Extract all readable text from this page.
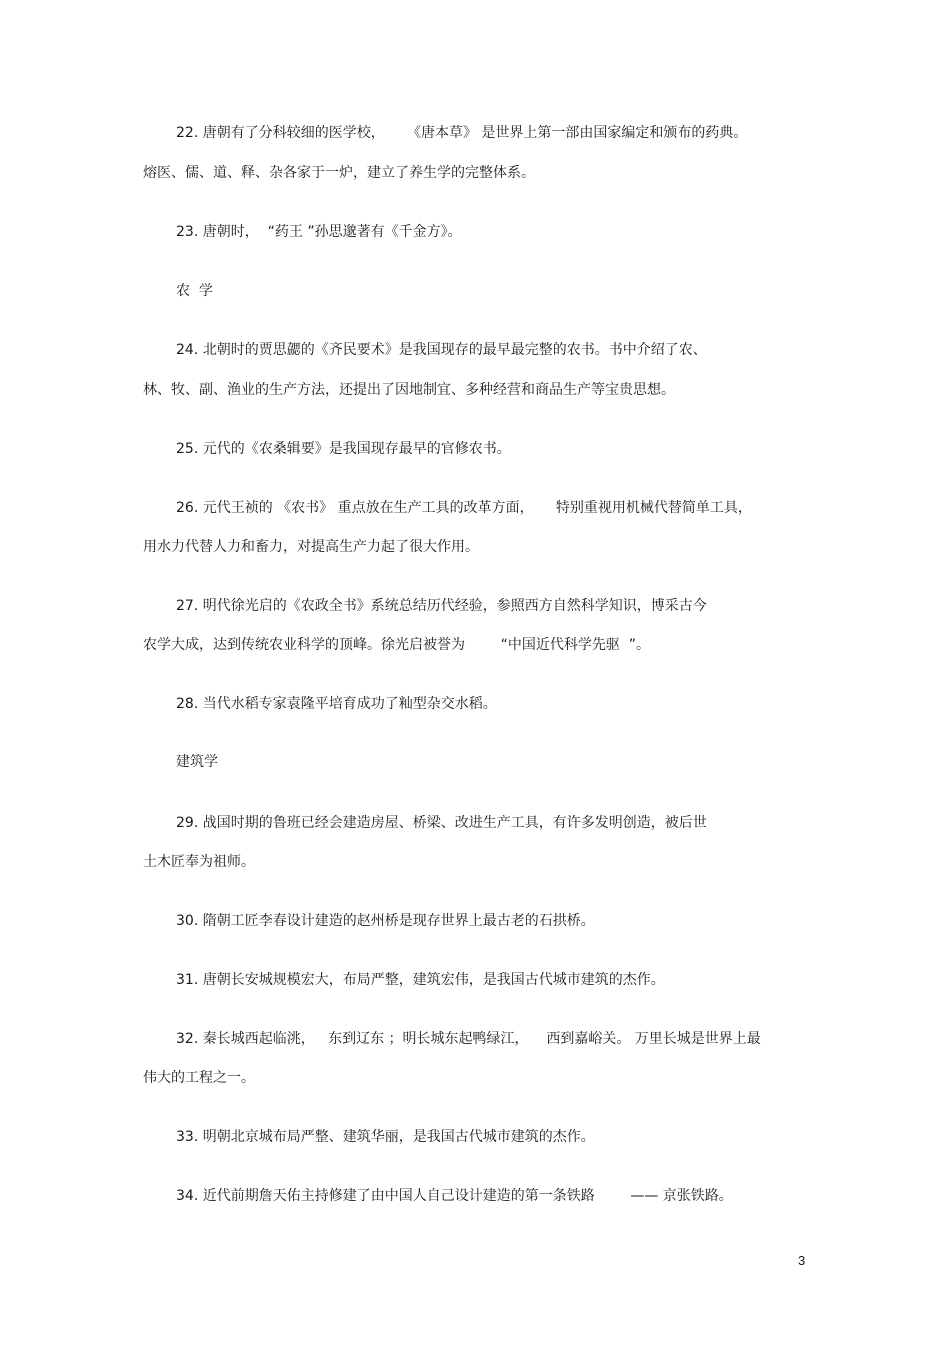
22. 唐朝有了分科较细的医学校，     《唐本草》 是世界上第一部由国家编定和颁布的药典。
熔医、儒、道、释、杂各家于一炉，建立了养生学的完整体系。
23. 唐朝时，  “药王 ”孙思邈著有《千金方》。
农  学
24. 北朝时的贾思勰的《齐民要术》是我国现存的最早最完整的农书。书中介绍了农、
林、牧、副、渔业的生产方法，还提出了因地制宜、多种经营和商品生产等宝贵思想。
25. 元代的《农桑辑要》是我国现存最早的官修农书。
26. 元代王祯的 《农书》 重点放在生产工具的改革方面，     特别重视用机械代替简单工具，
用水力代替人力和畜力，对提高生产力起了很大作用。
27. 明代徐光启的《农政全书》系统总结历代经验，参照西方自然科学知识，博采古今
农学大成，达到传统农业科学的顶峰。徐光启被誉为        “中国近代科学先驱  ”。
28. 当代水稻专家袁隆平培育成功了籼型杂交水稻。
建筑学
29. 战国时期的鲁班已经会建造房屋、桥梁、改进生产工具，有许多发明创造，被后世
土木匠奉为祖师。
30. 隋朝工匠李春设计建造的赵州桥是现存世界上最古老的石拱桥。
31. 唐朝长安城规模宏大，布局严整，建筑宏伟，是我国古代城市建筑的杰作。
32. 秦长城西起临洮，   东到辽东 ；明长城东起鸭绿江，    西到嘉峪关。 万里长城是世界上最
伟大的工程之一。
33. 明朝北京城布局严整、建筑华丽，是我国古代城市建筑的杰作。
34. 近代前期詹天佑主持修建了由中国人自己设计建造的第一条铁路        —— 京张铁路。
3
